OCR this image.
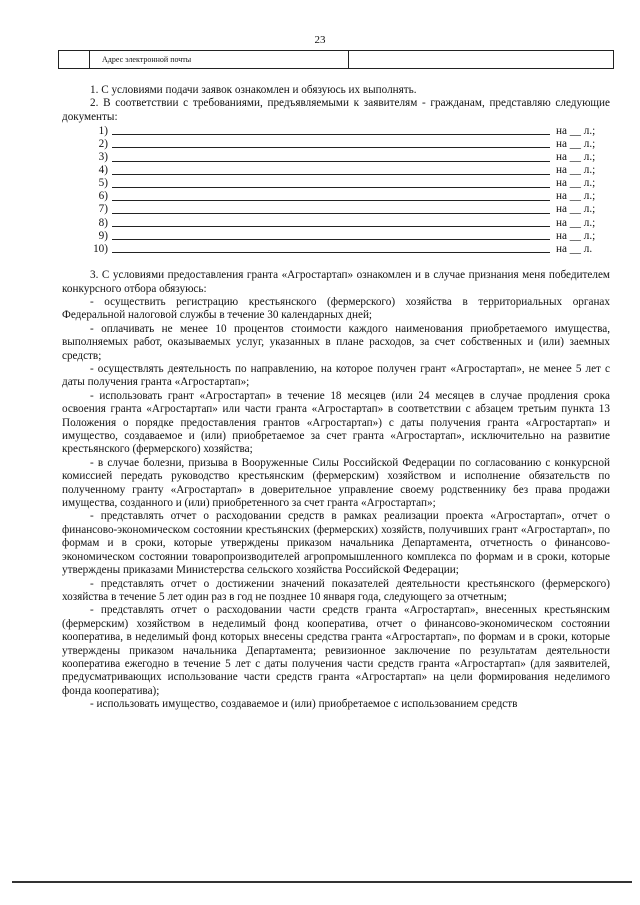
23
Адрес электронной почты

1. С условиями подачи заявок ознакомлен и обязуюсь их выполнять.

2. В соответствии с требованиями, предъявляемыми к заявителям - гражданам, представляю следующие документы:

1)	на __ л.;
2)	на __ л.;
3)	на __ л.;
4)	на __ л.;
5)	на __ л.;
6)	на __ л.;
7)	на __ л.;
8)	на __ л.;
9)	на __ л.;
10)	на __ л.

3. С условиями предоставления гранта «Агростартап» ознакомлен и в случае признания меня победителем конкурсного отбора обязуюсь:

- осуществить регистрацию крестьянского (фермерского) хозяйства в территориальных органах Федеральной налоговой службы в течение 30 календарных дней;

- оплачивать не менее 10 процентов стоимости каждого наименования приобретаемого имущества, выполняемых работ, оказываемых услуг, указанных в плане расходов, за счет собственных и (или) заемных средств;

- осуществлять деятельность по направлению, на которое получен грант «Агростартап», не менее 5 лет с даты получения гранта «Агростартап»;

- использовать грант «Агростартап» в течение 18 месяцев (или 24 месяцев в случае продления срока освоения гранта «Агростартап» или части гранта «Агростартап» в соответствии с абзацем третьим пункта 13 Положения о порядке предоставления грантов «Агростартап») с даты получения гранта «Агростартап» и имущество, создаваемое и (или) приобретаемое за счет гранта «Агростартап», исключительно на развитие крестьянского (фермерского) хозяйства;

- в случае болезни, призыва в Вооруженные Силы Российской Федерации по согласованию с конкурсной комиссией передать руководство крестьянским (фермерским) хозяйством и исполнение обязательств по полученному гранту «Агростартап» в доверительное управление своему родственнику без права продажи имущества, созданного и (или) приобретенного за счет гранта «Агростартап»;

- представлять отчет о расходовании средств в рамках реализации проекта «Агростартап», отчет о финансово-экономическом состоянии крестьянских (фермерских) хозяйств, получивших грант «Агростартап», по формам и в сроки, которые утверждены приказом начальника Департамента, отчетность о финансово-экономическом состоянии товаропроизводителей агропромышленного комплекса по формам и в сроки, которые утверждены приказами Министерства сельского хозяйства Российской Федерации;

- представлять отчет о достижении значений показателей деятельности крестьянского (фермерского) хозяйства в течение 5 лет один раз в год не позднее 10 января года, следующего за отчетным;

- представлять отчет о расходовании части средств гранта «Агростартап», внесенных крестьянским (фермерским) хозяйством в неделимый фонд кооператива, отчет о финансово-экономическом состоянии кооператива, в неделимый фонд которых внесены средства гранта «Агростартап», по формам и в сроки, которые утверждены приказом начальника Департамента; ревизионное заключение по результатам деятельности кооператива ежегодно в течение 5 лет с даты получения части средств гранта «Агростартап» (для заявителей, предусматривающих использование части средств гранта «Агростартап» на цели формирования неделимого фонда кооператива);

- использовать имущество, создаваемое и (или) приобретаемое с использованием средств
